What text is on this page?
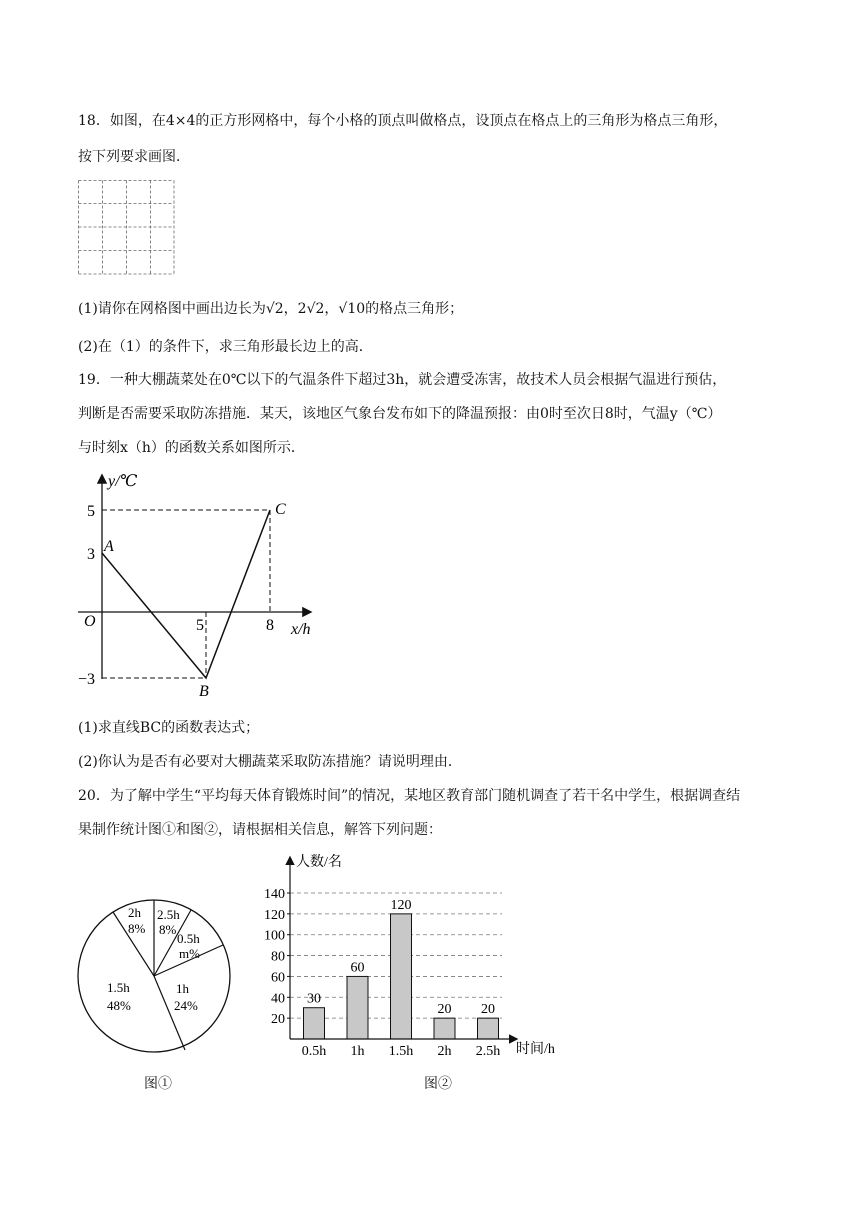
18．如图，在4×4的正方形网格中，每个小格的顶点叫做格点，设顶点在格点上的三角形为格点三角形，
按下列要求画图．
(1)请你在网格图中画出边长为√2，2√2，√10的格点三角形；
(2)在（1）的条件下，求三角形最长边上的高．
19．一种大棚蔬菜处在0℃以下的气温条件下超过3h，就会遭受冻害，故技术人员会根据气温进行预估，
判断是否需要采取防冻措施．某天，该地区气象台发布如下的降温预报：由0时至次日8时，气温y（℃）
与时刻x（h）的函数关系如图所示．
y/℃
x/h
O
5
3
−3
5	8
A
B
C
(1)求直线BC的函数表达式；
(2)你认为是否有必要对大棚蔬菜采取防冻措施？请说明理由．
20．为了解中学生“平均每天体育锻炼时间”的情况，某地区教育部门随机调查了若干名中学生，根据调查结
果制作统计图①和图②，请根据相关信息，解答下列问题：
2h
8%
2.5h
8%
0.5h
m%
1h
24%
1.5h
48%
图①
20
40
60
80
100
120
140
30
60
120
20 20
0.5h 1h 1.5h 2h 2.5h
人数/名
时间/h
图②
